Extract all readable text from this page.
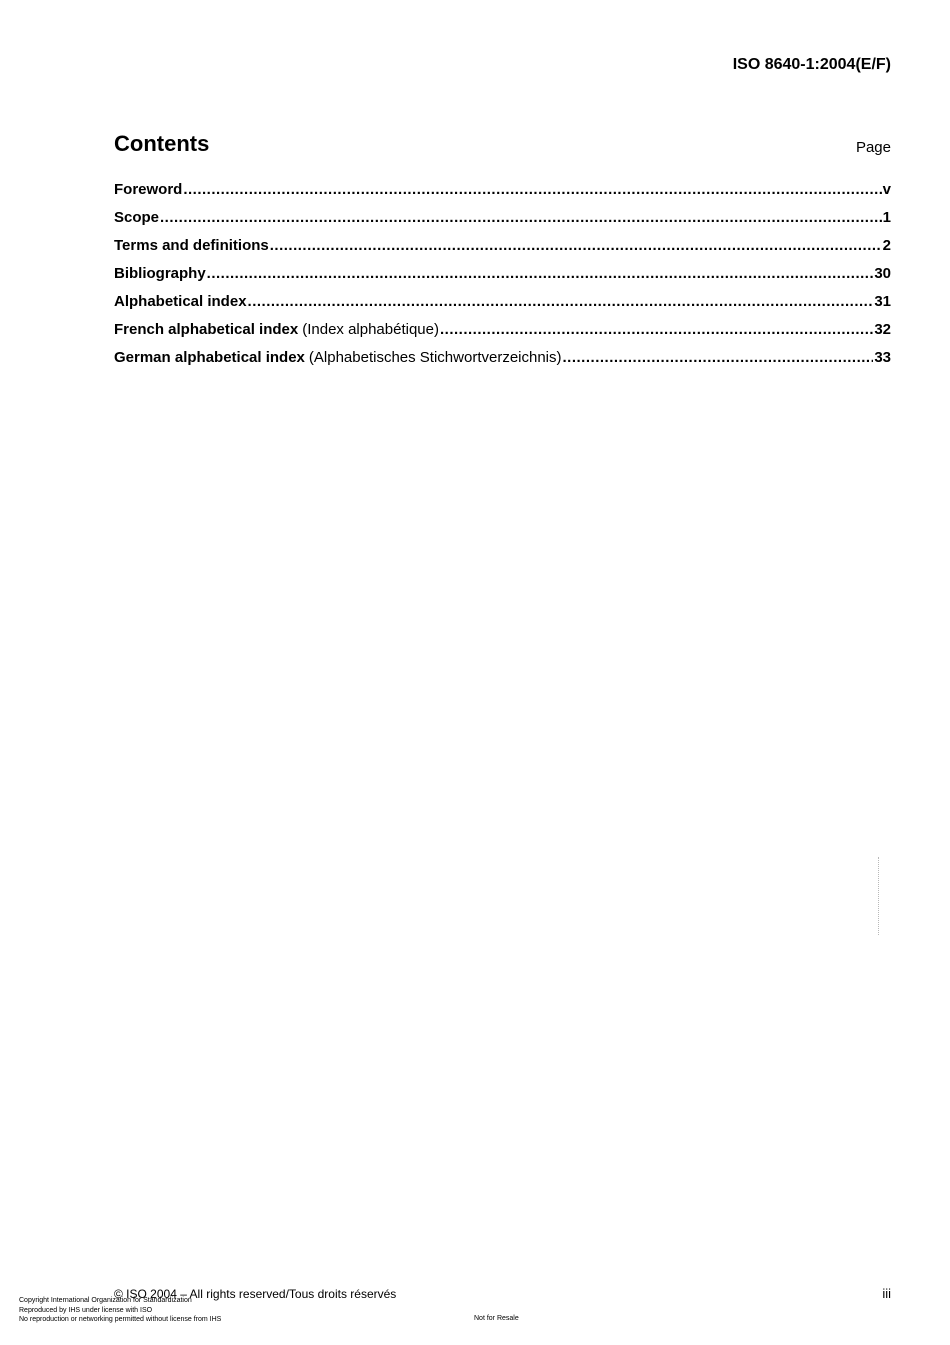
ISO 8640-1:2004(E/F)
Contents	Page
Foreword .....	v
Scope .....	1
Terms and definitions .....	2
Bibliography .....	30
Alphabetical index .....	31
French alphabetical index (Index alphabétique) .....	32
German alphabetical index (Alphabetisches Stichwortverzeichnis) .....	33
© ISO 2004 – All rights reserved/Tous droits réservés	iii
Copyright International Organization for Standardization
Reproduced by IHS under license with ISO
No reproduction or networking permitted without license from IHS	Not for Resale
